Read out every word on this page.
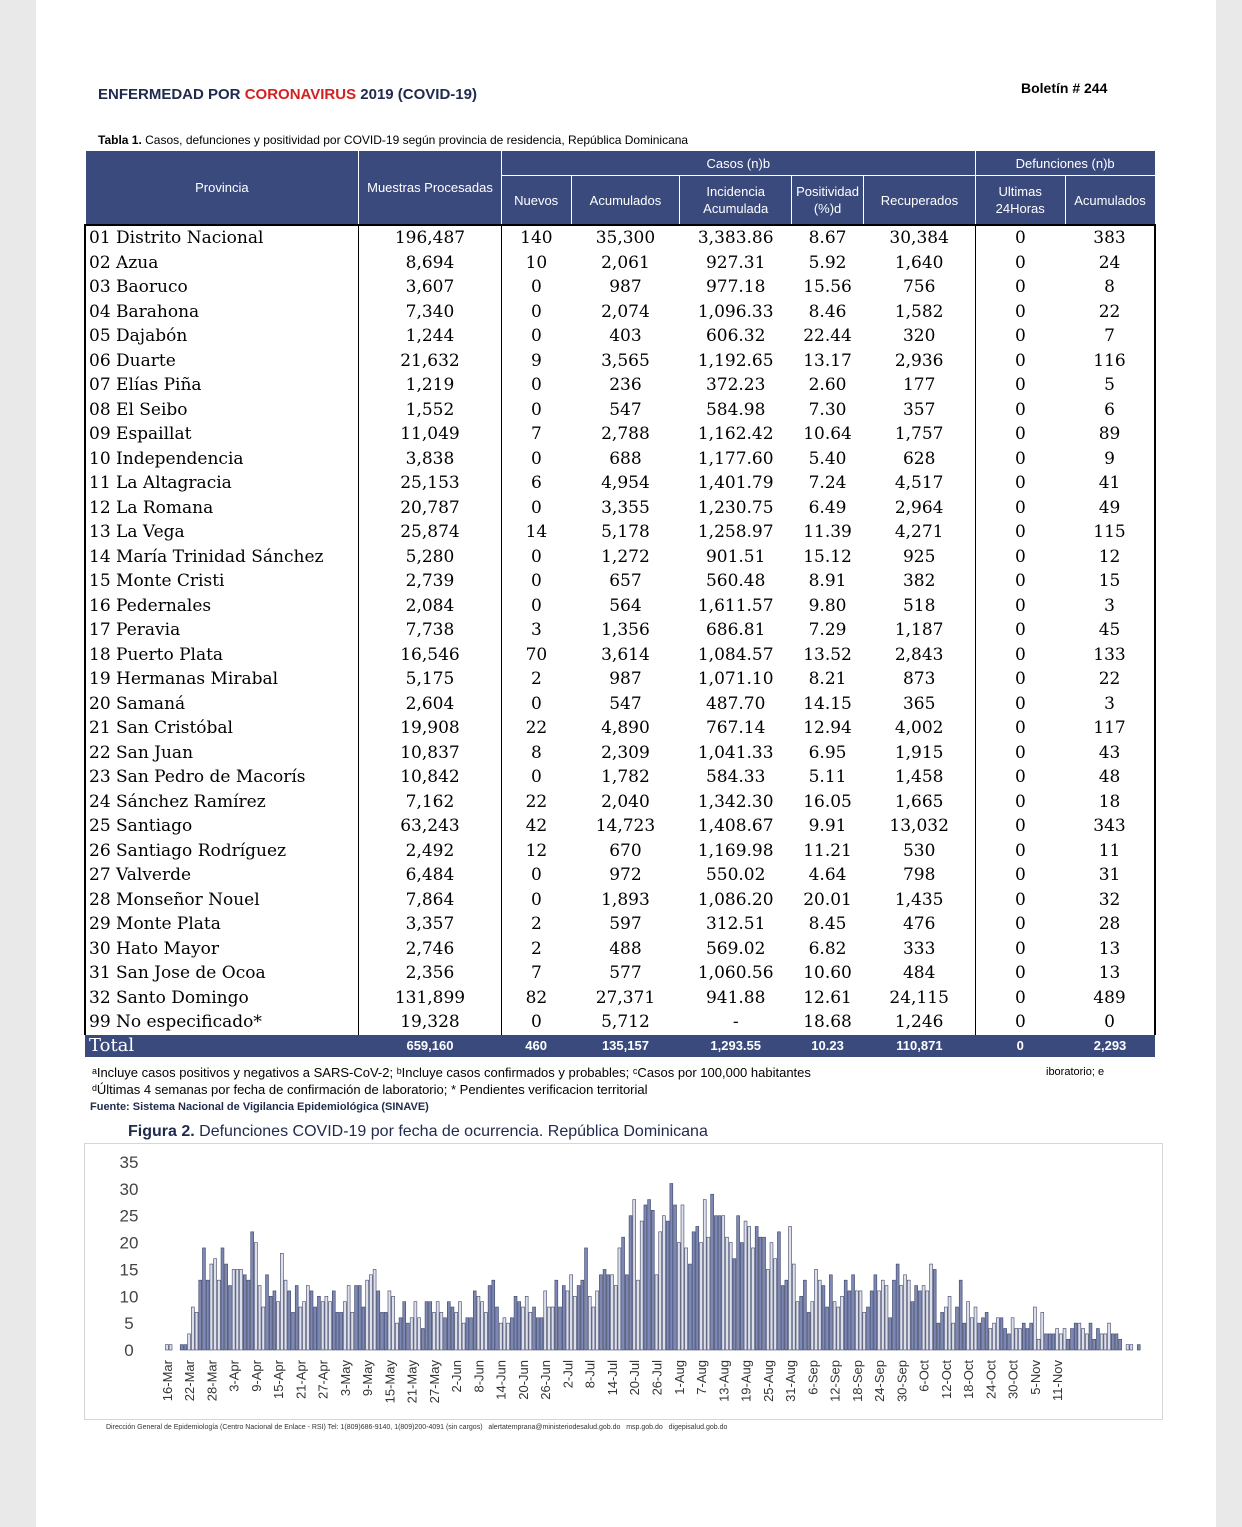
ENFERMEDAD POR CORONAVIRUS 2019 (COVID-19)	Boletín # 244
Tabla 1. Casos, defunciones y positividad por COVID-19 según provincia de residencia, República Dominicana
Provincia	Muestras Procesadas	Casos (n)b					Defunciones (n)b	
		Nuevos	Acumulados	Incidencia Acumulada	Positividad (%)d	Recuperados	Ultimas 24Horas	Acumulados
01 Distrito Nacional	196,487	140	35,300	3,383.86	8.67	30,384	0	383
02 Azua	8,694	10	2,061	927.31	5.92	1,640	0	24
03 Baoruco	3,607	0	987	977.18	15.56	756	0	8
04 Barahona	7,340	0	2,074	1,096.33	8.46	1,582	0	22
05 Dajabón	1,244	0	403	606.32	22.44	320	0	7
06 Duarte	21,632	9	3,565	1,192.65	13.17	2,936	0	116
07 Elías Piña	1,219	0	236	372.23	2.60	177	0	5
08 El Seibo	1,552	0	547	584.98	7.30	357	0	6
09 Espaillat	11,049	7	2,788	1,162.42	10.64	1,757	0	89
10 Independencia	3,838	0	688	1,177.60	5.40	628	0	9
11 La Altagracia	25,153	6	4,954	1,401.79	7.24	4,517	0	41
12 La Romana	20,787	0	3,355	1,230.75	6.49	2,964	0	49
13 La Vega	25,874	14	5,178	1,258.97	11.39	4,271	0	115
14 María Trinidad Sánchez	5,280	0	1,272	901.51	15.12	925	0	12
15 Monte Cristi	2,739	0	657	560.48	8.91	382	0	15
16 Pedernales	2,084	0	564	1,611.57	9.80	518	0	3
17 Peravia	7,738	3	1,356	686.81	7.29	1,187	0	45
18 Puerto Plata	16,546	70	3,614	1,084.57	13.52	2,843	0	133
19 Hermanas Mirabal	5,175	2	987	1,071.10	8.21	873	0	22
20 Samaná	2,604	0	547	487.70	14.15	365	0	3
21 San Cristóbal	19,908	22	4,890	767.14	12.94	4,002	0	117
22 San Juan	10,837	8	2,309	1,041.33	6.95	1,915	0	43
23 San Pedro de Macorís	10,842	0	1,782	584.33	5.11	1,458	0	48
24 Sánchez Ramírez	7,162	22	2,040	1,342.30	16.05	1,665	0	18
25 Santiago	63,243	42	14,723	1,408.67	9.91	13,032	0	343
26 Santiago Rodríguez	2,492	12	670	1,169.98	11.21	530	0	11
27 Valverde	6,484	0	972	550.02	4.64	798	0	31
28 Monseñor Nouel	7,864	0	1,893	1,086.20	20.01	1,435	0	32
29 Monte Plata	3,357	2	597	312.51	8.45	476	0	28
30 Hato Mayor	2,746	2	488	569.02	6.82	333	0	13
31 San Jose de Ocoa	2,356	7	577	1,060.56	10.60	484	0	13
32 Santo Domingo	131,899	82	27,371	941.88	12.61	24,115	0	489
99 No especificado*	19,328	0	5,712	-	18.68	1,246	0	0
Total	659,160	460	135,157	1,293.55	10.23	110,871	0	2,293
ᵃIncluye casos positivos y negativos a SARS-CoV-2; ᵇIncluye casos confirmados y probables; ᶜCasos por 100,000 habitantes	iboratorio; e
ᵈÚltimas 4 semanas por fecha de confirmación de laboratorio; * Pendientes verificacion territorial
Fuente: Sistema Nacional de Vigilancia Epidemiológica (SINAVE)
Figura 2. Defunciones COVID-19 por fecha de ocurrencia. República Dominicana
0
5
10
15
20
25
30
35
16-Mar 22-Mar 28-Mar 3-Apr 9-Apr 15-Apr 21-Apr 27-Apr 3-May 9-May 15-May 21-May 27-May 2-Jun 8-Jun 14-Jun 20-Jun 26-Jun 2-Jul 8-Jul 14-Jul 20-Jul 26-Jul 1-Aug 7-Aug 13-Aug 19-Aug 25-Aug 31-Aug 6-Sep 12-Sep 18-Sep 24-Sep 30-Sep 6-Oct 12-Oct 18-Oct 24-Oct 30-Oct 5-Nov 11-Nov
Dirección General de Epidemiología (Centro Nacional de Enlace - RSI) Tel: 1(809)686-9140, 1(809)200-4091 (sin cargos)   alertatemprana@ministeriodesalud.gob.do   msp.gob.do   digepisalud.gob.do
